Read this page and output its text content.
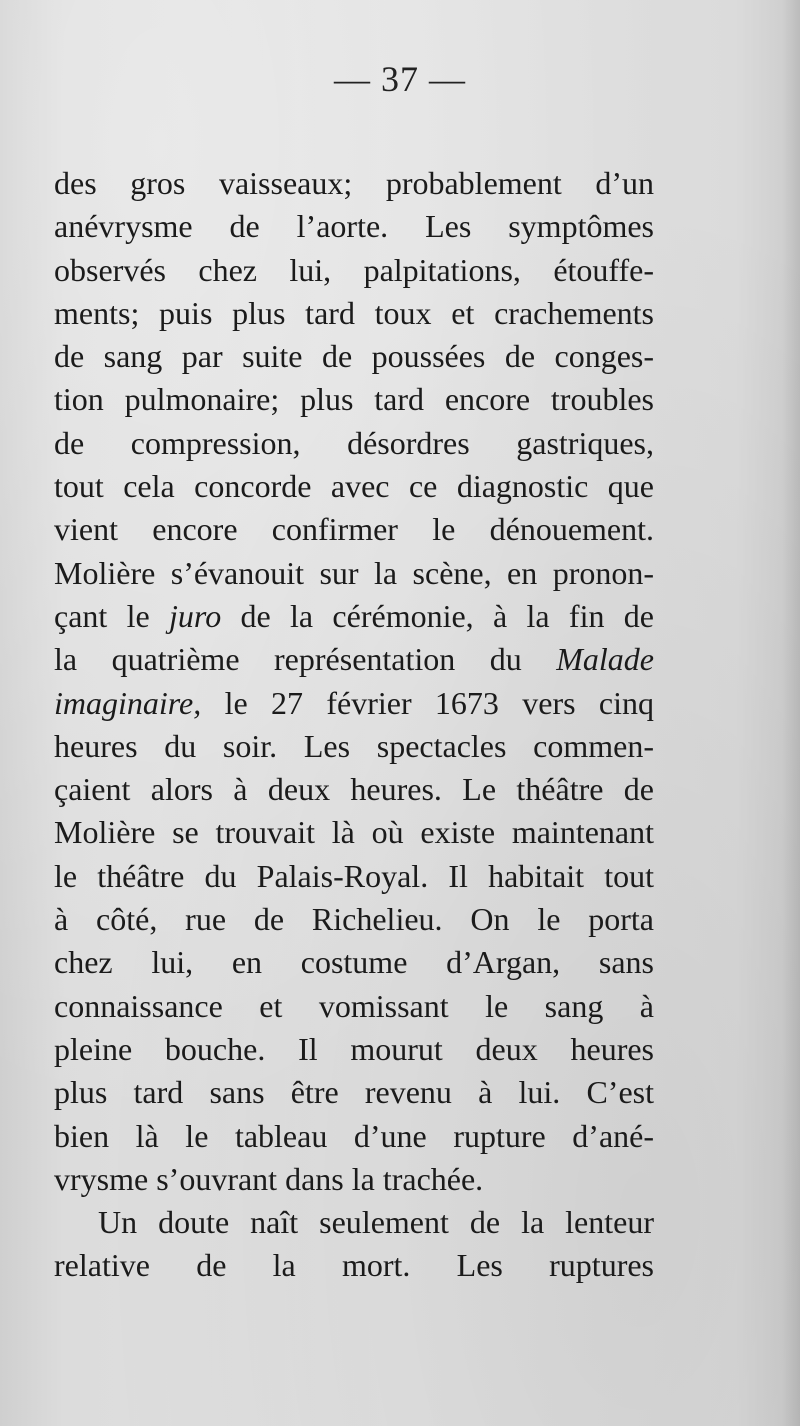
— 37 —
des gros vaisseaux; probablement d’un
anévrysme de l’aorte. Les symptômes
observés chez lui, palpitations, étouffe-
ments; puis plus tard toux et crachements
de sang par suite de poussées de conges-
tion pulmonaire; plus tard encore troubles
de compression, désordres gastriques,
tout cela concorde avec ce diagnostic que
vient encore confirmer le dénouement.
Molière s’évanouit sur la scène, en pronon-
çant le juro de la cérémonie, à la fin de
la quatrième représentation du Malade
imaginaire, le 27 février 1673 vers cinq
heures du soir. Les spectacles commen-
çaient alors à deux heures. Le théâtre de
Molière se trouvait là où existe maintenant
le théâtre du Palais-Royal. Il habitait tout
à côté, rue de Richelieu. On le porta
chez lui, en costume d’Argan, sans
connaissance et vomissant le sang à
pleine bouche. Il mourut deux heures
plus tard sans être revenu à lui. C’est
bien là le tableau d’une rupture d’ané-
vrysme s’ouvrant dans la trachée.
Un doute naît seulement de la lenteur
relative de la mort. Les ruptures
